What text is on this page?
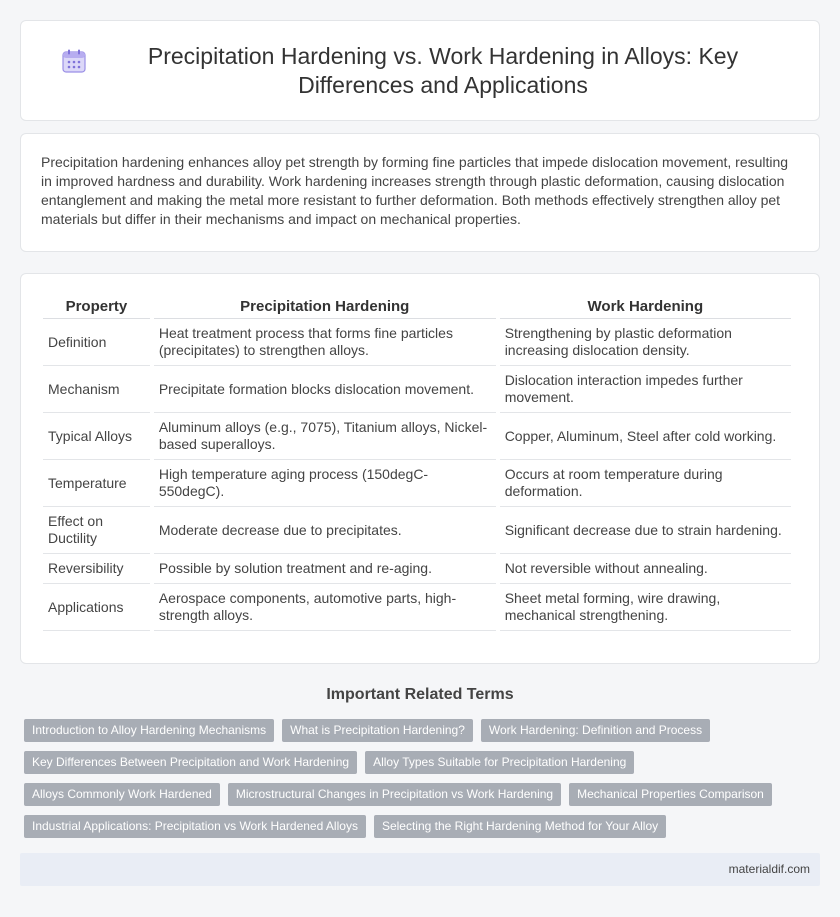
Precipitation Hardening vs. Work Hardening in Alloys: Key Differences and Applications

Precipitation hardening enhances alloy pet strength by forming fine particles that impede dislocation movement, resulting in improved hardness and durability. Work hardening increases strength through plastic deformation, causing dislocation entanglement and making the metal more resistant to further deformation. Both methods effectively strengthen alloy pet materials but differ in their mechanisms and impact on mechanical properties.

Property	Precipitation Hardening	Work Hardening
Definition	Heat treatment process that forms fine particles (precipitates) to strengthen alloys.	Strengthening by plastic deformation increasing dislocation density.
Mechanism	Precipitate formation blocks dislocation movement.	Dislocation interaction impedes further movement.
Typical Alloys	Aluminum alloys (e.g., 7075), Titanium alloys, Nickel-based superalloys.	Copper, Aluminum, Steel after cold working.
Temperature	High temperature aging process (150degC-550degC).	Occurs at room temperature during deformation.
Effect on Ductility	Moderate decrease due to precipitates.	Significant decrease due to strain hardening.
Reversibility	Possible by solution treatment and re-aging.	Not reversible without annealing.
Applications	Aerospace components, automotive parts, high-strength alloys.	Sheet metal forming, wire drawing, mechanical strengthening.
Important Related Terms
Introduction to Alloy Hardening Mechanisms	What is Precipitation Hardening?	Work Hardening: Definition and Process
Key Differences Between Precipitation and Work Hardening	Alloy Types Suitable for Precipitation Hardening
Alloys Commonly Work Hardened	Microstructural Changes in Precipitation vs Work Hardening	Mechanical Properties Comparison
Industrial Applications: Precipitation vs Work Hardened Alloys	Selecting the Right Hardening Method for Your Alloy
materialdif.com
